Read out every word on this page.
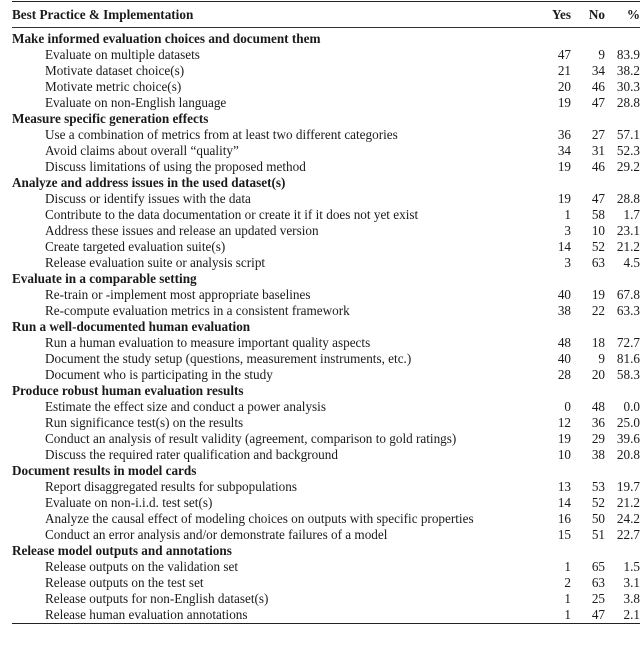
Best Practice & Implementation	Yes	No	%
Make informed evaluation choices and document them			
Evaluate on multiple datasets	47	9	83.9
Motivate dataset choice(s)	21	34	38.2
Motivate metric choice(s)	20	46	30.3
Evaluate on non-English language	19	47	28.8
Measure specific generation effects			
Use a combination of metrics from at least two different categories	36	27	57.1
Avoid claims about overall “quality”	34	31	52.3
Discuss limitations of using the proposed method	19	46	29.2
Analyze and address issues in the used dataset(s)			
Discuss or identify issues with the data	19	47	28.8
Contribute to the data documentation or create it if it does not yet exist	1	58	1.7
Address these issues and release an updated version	3	10	23.1
Create targeted evaluation suite(s)	14	52	21.2
Release evaluation suite or analysis script	3	63	4.5
Evaluate in a comparable setting			
Re-train or -implement most appropriate baselines	40	19	67.8
Re-compute evaluation metrics in a consistent framework	38	22	63.3
Run a well-documented human evaluation			
Run a human evaluation to measure important quality aspects	48	18	72.7
Document the study setup (questions, measurement instruments, etc.)	40	9	81.6
Document who is participating in the study	28	20	58.3
Produce robust human evaluation results			
Estimate the effect size and conduct a power analysis	0	48	0.0
Run significance test(s) on the results	12	36	25.0
Conduct an analysis of result validity (agreement, comparison to gold ratings)	19	29	39.6
Discuss the required rater qualification and background	10	38	20.8
Document results in model cards			
Report disaggregated results for subpopulations	13	53	19.7
Evaluate on non-i.i.d. test set(s)	14	52	21.2
Analyze the causal effect of modeling choices on outputs with specific properties	16	50	24.2
Conduct an error analysis and/or demonstrate failures of a model	15	51	22.7
Release model outputs and annotations			
Release outputs on the validation set	1	65	1.5
Release outputs on the test set	2	63	3.1
Release outputs for non-English dataset(s)	1	25	3.8
Release human evaluation annotations	1	47	2.1
